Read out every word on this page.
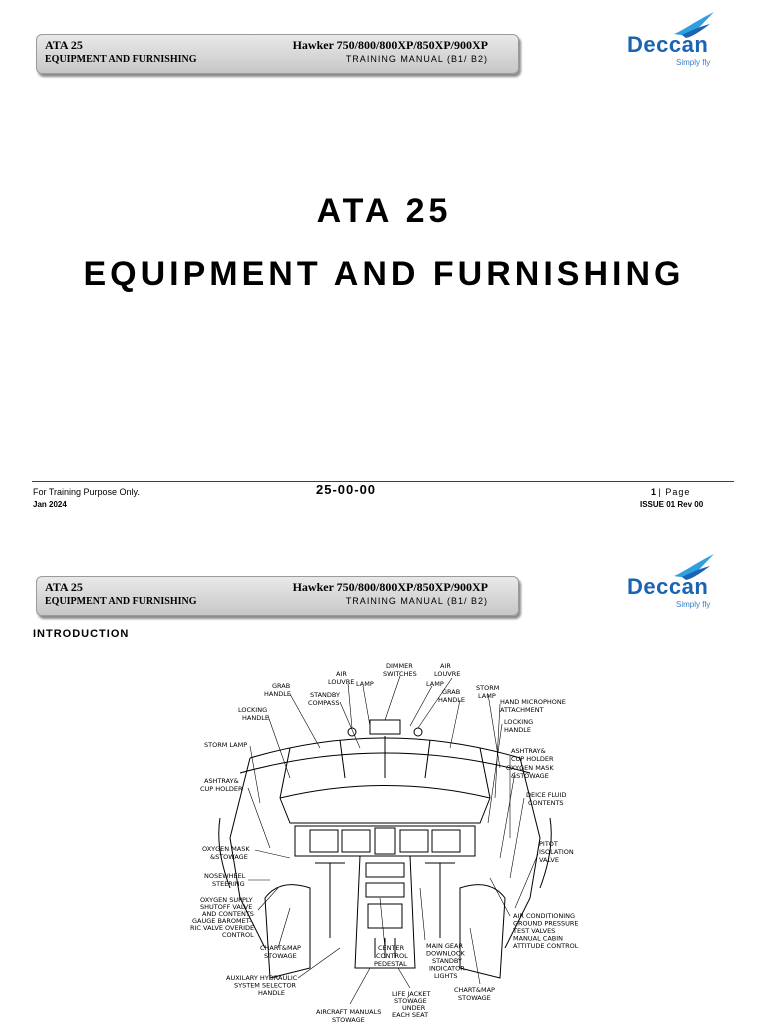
ATA 25
EQUIPMENT AND FURNISHING
Hawker 750/800/800XP/850XP/900XP
TRAINING MANUAL (B1/ B2)
Deccan
Simply fly
ATA 25
EQUIPMENT AND FURNISHING
For Training Purpose Only.
Jan 2024
25-00-00	1 | Page
ISSUE 01 Rev 00
ATA 25
EQUIPMENT AND FURNISHING
Hawker 750/800/800XP/850XP/900XP
TRAINING MANUAL (B1/ B2)
Deccan
Simply fly
INTRODUCTION
DIMMER SWITCHES
AIR LOUVRE
AIR LOUVRE
LAMP	LAMP
GRAB HANDLE	GRAB HANDLE
STANDBY COMPASS
STORM LAMP
HAND MICROPHONE ATTACHMENT
LOCKING HANDLE	LOCKING HANDLE
STORM LAMP
ASHTRAY& CUP HOLDER
OXYGEN MASK &STOWAGE
ASHTRAY& CUP HOLDER
DEICE FLUID CONTENTS
PITOT ISOLATION VALVE
OXYGEN MASK &STOWAGE
NOSEWHEEL STEERING
OXYGEN SUPPLY SHUTOFF VALVE AND CONTENTS GAUGE BAROMET-RIC VALVE OVERIDE CONTROL
AIR CONDITIONING GROUND PRESSURE TEST VALVES MANUAL CABIN ATTITUDE CONTROL
CHART&MAP STOWAGE
CENTER CONTROL PEDESTAL
MAIN GEAR DOWNLOCK STANDBY INDICATOR LIGHTS
AUXILARY HYDRAULIC SYSTEM SELECTOR HANDLE	CHART&MAP STOWAGE
LIFE JACKET STOWAGE UNDER EACH SEAT
AIRCRAFT MANUALS STOWAGE
